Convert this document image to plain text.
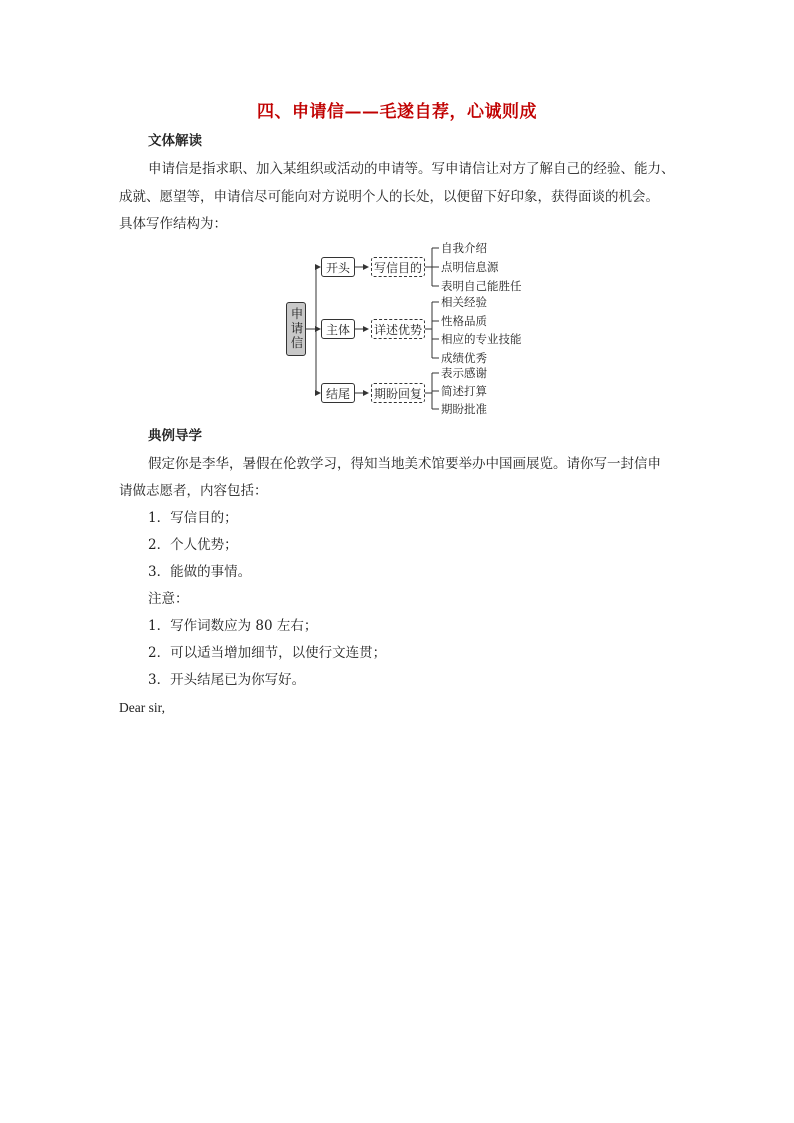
四、申请信——毛遂自荐，心诚则成
文体解读
申请信是指求职、加入某组织或活动的申请等。写申请信让对方了解自己的经验、能力、
成就、愿望等，申请信尽可能向对方说明个人的长处，以便留下好印象，获得面谈的机会。
具体写作结构为：
申请信
开头
主体
结尾
写信目的
详述优势
期盼回复
自我介绍
点明信息源
表明自己能胜任
相关经验
性格品质
相应的专业技能
成绩优秀
表示感谢
简述打算
期盼批准
典例导学
假定你是李华，暑假在伦敦学习，得知当地美术馆要举办中国画展览。请你写一封信申
请做志愿者，内容包括：
1．写信目的；
2．个人优势；
3．能做的事情。
注意：
1．写作词数应为 80 左右；
2．可以适当增加细节，以使行文连贯；
3．开头结尾已为你写好。
Dear sir,
